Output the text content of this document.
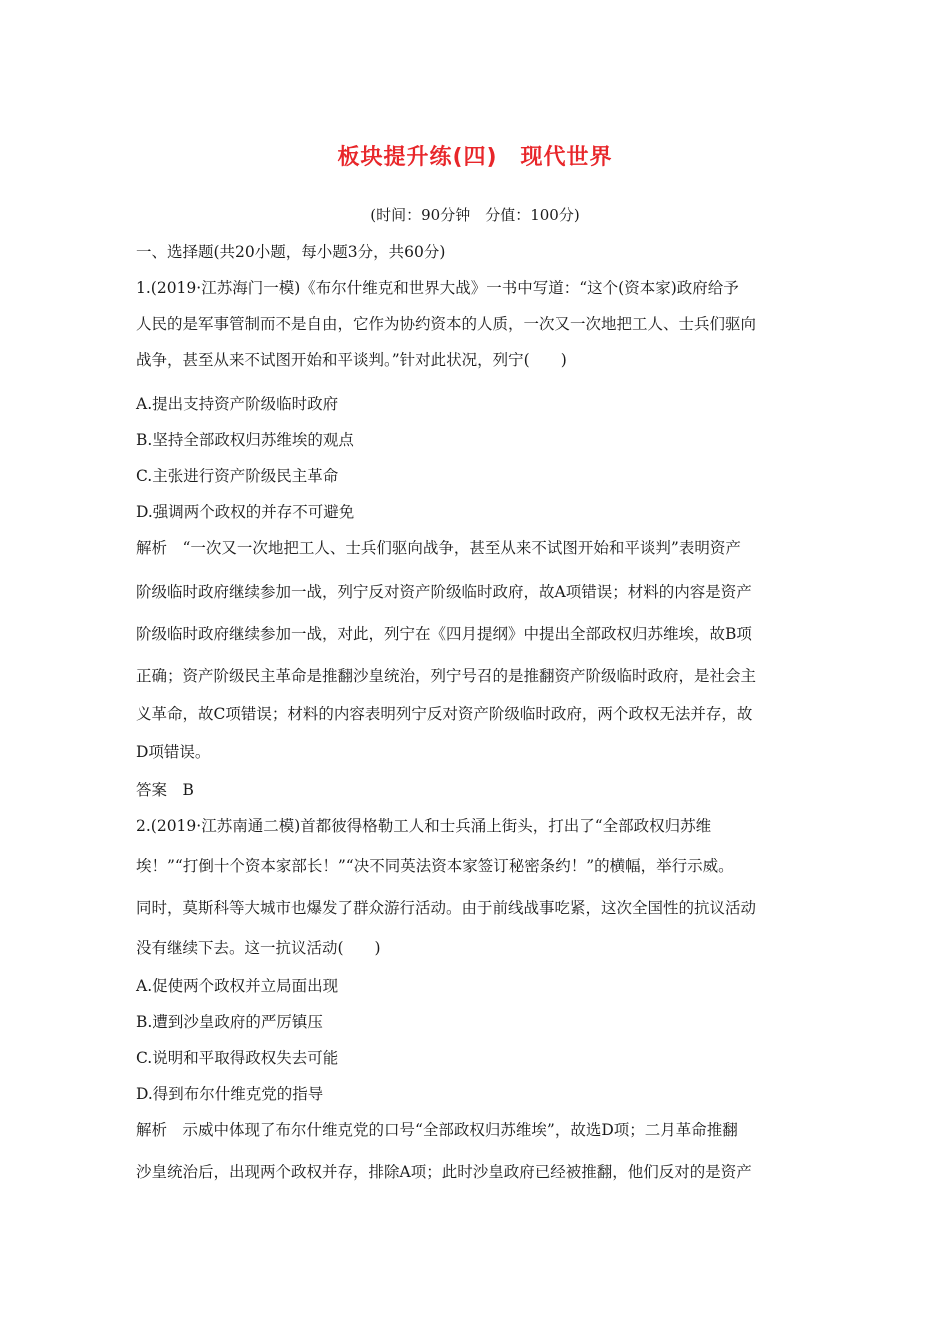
板块提升练(四)　现代世界
(时间：90分钟　分值：100分)
一、选择题(共20小题，每小题3分，共60分)
1.(2019·江苏海门一模)《布尔什维克和世界大战》一书中写道：“这个(资本家)政府给予
人民的是军事管制而不是自由，它作为协约资本的人质，一次又一次地把工人、士兵们驱向
战争，甚至从来不试图开始和平谈判。”针对此状况，列宁(　　)
A.提出支持资产阶级临时政府
B.坚持全部政权归苏维埃的观点
C.主张进行资产阶级民主革命
D.强调两个政权的并存不可避免
解析　“一次又一次地把工人、士兵们驱向战争，甚至从来不试图开始和平谈判”表明资产
阶级临时政府继续参加一战，列宁反对资产阶级临时政府，故A项错误；材料的内容是资产
阶级临时政府继续参加一战，对此，列宁在《四月提纲》中提出全部政权归苏维埃，故B项
正确；资产阶级民主革命是推翻沙皇统治，列宁号召的是推翻资产阶级临时政府，是社会主
义革命，故C项错误；材料的内容表明列宁反对资产阶级临时政府，两个政权无法并存，故
D项错误。
答案　B
2.(2019·江苏南通二模)首都彼得格勒工人和士兵涌上街头，打出了“全部政权归苏维
埃！”“打倒十个资本家部长！”“决不同英法资本家签订秘密条约！”的横幅，举行示威。
同时，莫斯科等大城市也爆发了群众游行活动。由于前线战事吃紧，这次全国性的抗议活动
没有继续下去。这一抗议活动(　　)
A.促使两个政权并立局面出现
B.遭到沙皇政府的严厉镇压
C.说明和平取得政权失去可能
D.得到布尔什维克党的指导
解析　示威中体现了布尔什维克党的口号“全部政权归苏维埃”，故选D项；二月革命推翻
沙皇统治后，出现两个政权并存，排除A项；此时沙皇政府已经被推翻，他们反对的是资产
